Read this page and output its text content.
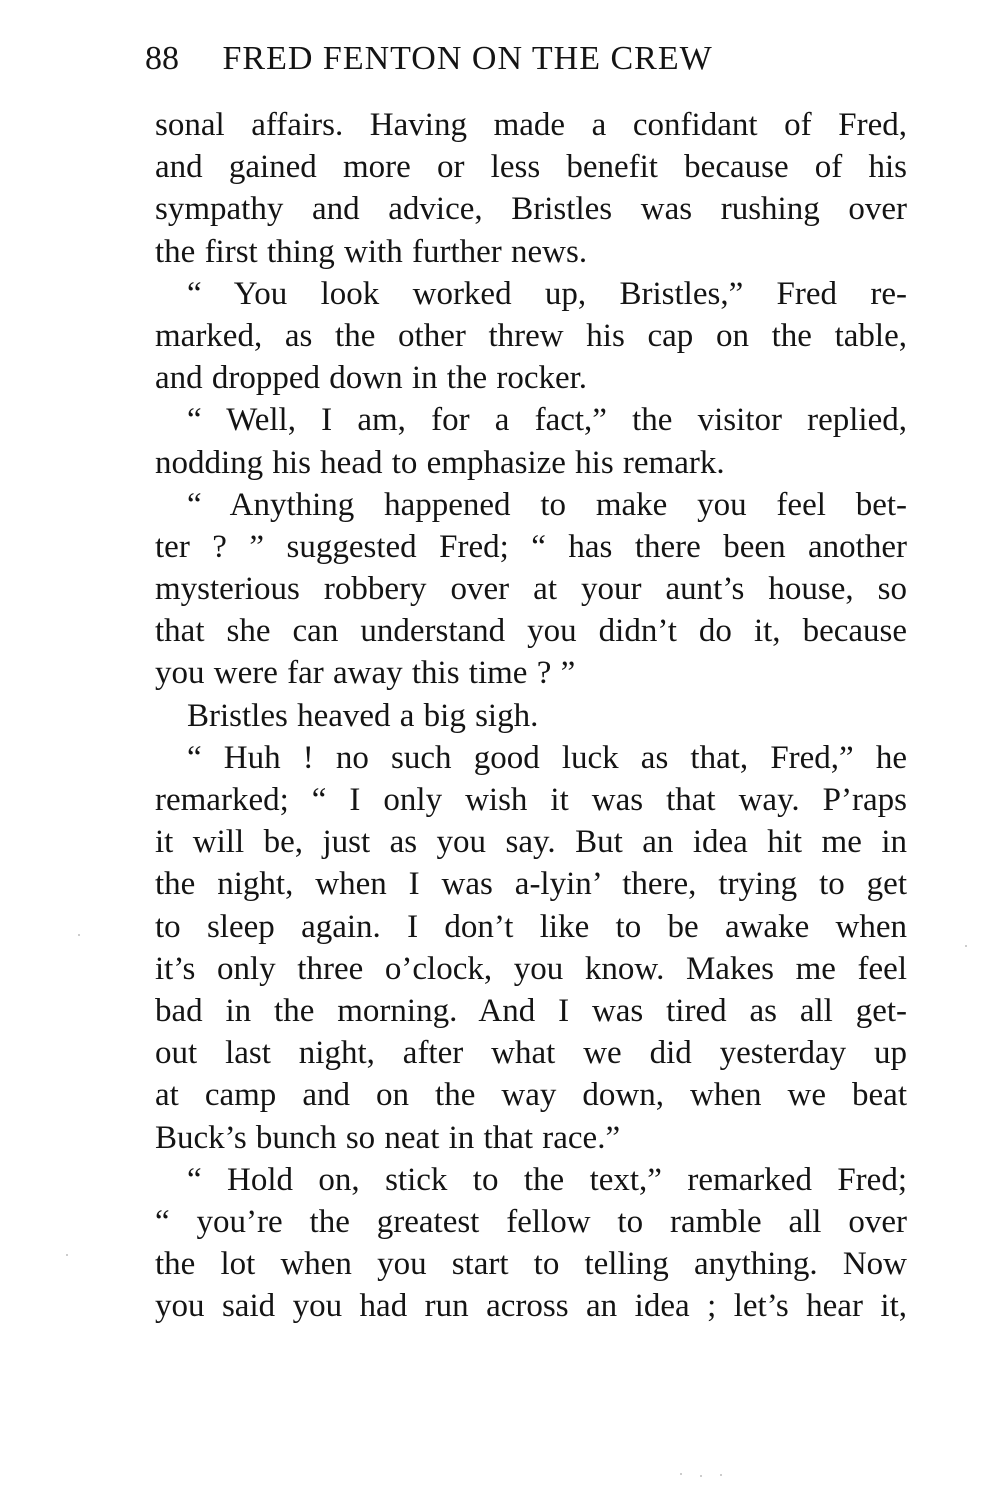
88 FRED FENTON ON THE CREW
sonal affairs. Having made a confidant of Fred,
and gained more or less benefit because of his
sympathy and advice, Bristles was rushing over
the first thing with further news.
“ You look worked up, Bristles,” Fred re-
marked, as the other threw his cap on the table,
and dropped down in the rocker.
“ Well, I am, for a fact,” the visitor replied,
nodding his head to emphasize his remark.
“ Anything happened to make you feel bet-
ter ? ” suggested Fred; “ has there been another
mysterious robbery over at your aunt’s house, so
that she can understand you didn’t do it, because
you were far away this time ? ”
Bristles heaved a big sigh.
“ Huh ! no such good luck as that, Fred,” he
remarked; “ I only wish it was that way. P’raps
it will be, just as you say. But an idea hit me in
the night, when I was a-lyin’ there, trying to get
to sleep again. I don’t like to be awake when
it’s only three o’clock, you know. Makes me feel
bad in the morning. And I was tired as all get-
out last night, after what we did yesterday up
at camp and on the way down, when we beat
Buck’s bunch so neat in that race.”
“ Hold on, stick to the text,” remarked Fred;
“ you’re the greatest fellow to ramble all over
the lot when you start to telling anything. Now
you said you had run across an idea ; let’s hear it,
